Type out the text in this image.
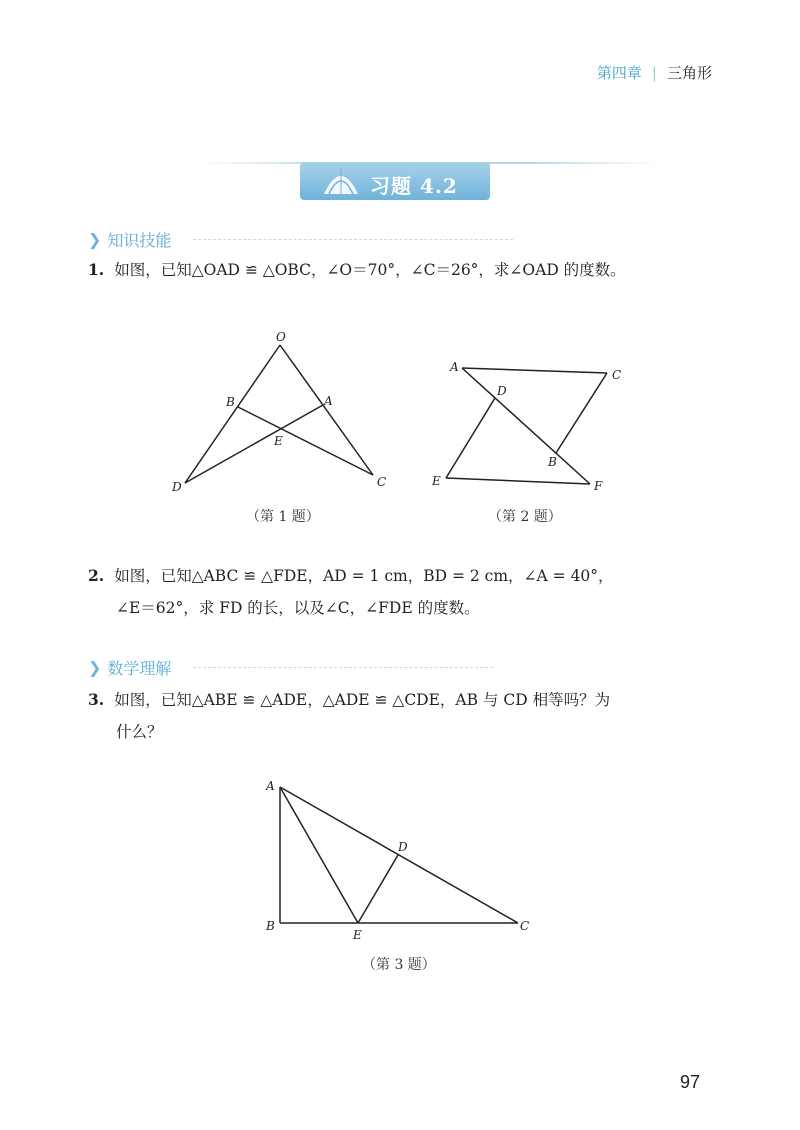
第四章 | 三角形
习题 4.2
❯ 知识技能
1. 如图，已知△OAD ≌ △OBC，∠O＝70°，∠C＝26°，求∠OAD 的度数。
O
A
B
C
D
E
（第 1 题）
A
C
D
B
E	F
（第 2 题）
2. 如图，已知△ABC ≌ △FDE，AD = 1 cm，BD = 2 cm，∠A = 40°，
∠E＝62°，求 FD 的长，以及∠C，∠FDE 的度数。
❯ 数学理解
3. 如图，已知△ABE ≌ △ADE，△ADE ≌ △CDE，AB 与 CD 相等吗？为
什么？
A
B	C
D
E
（第 3 题）
97
